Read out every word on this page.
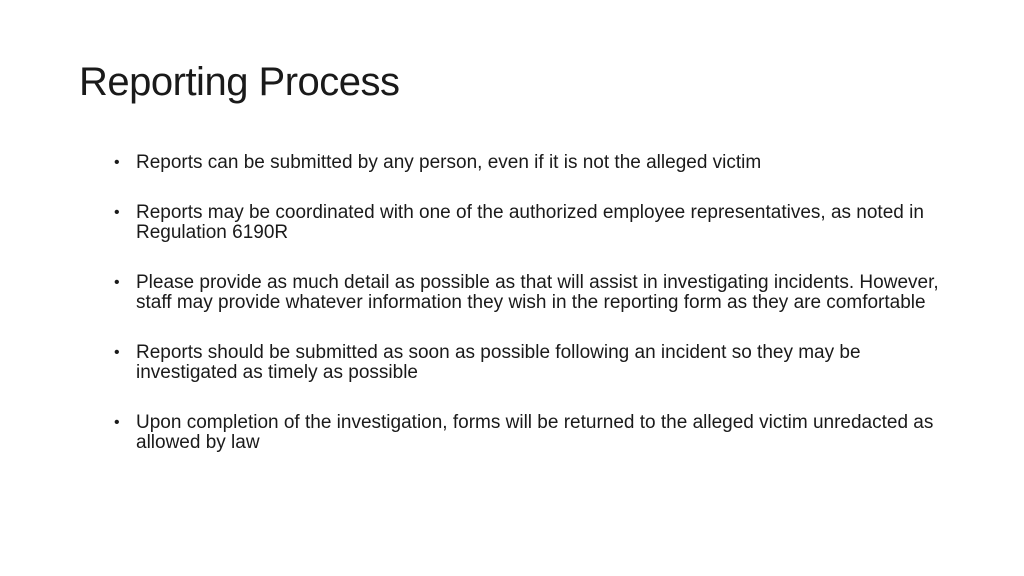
Reporting Process
• Reports can be submitted by any person, even if it is not the alleged victim
• Reports may be coordinated with one of the authorized employee representatives, as noted in Regulation 6190R
• Please provide as much detail as possible as that will assist in investigating incidents. However, staff may provide whatever information they wish in the reporting form as they are comfortable
• Reports should be submitted as soon as possible following an incident so they may be investigated as timely as possible
• Upon completion of the investigation, forms will be returned to the alleged victim unredacted as allowed by law
